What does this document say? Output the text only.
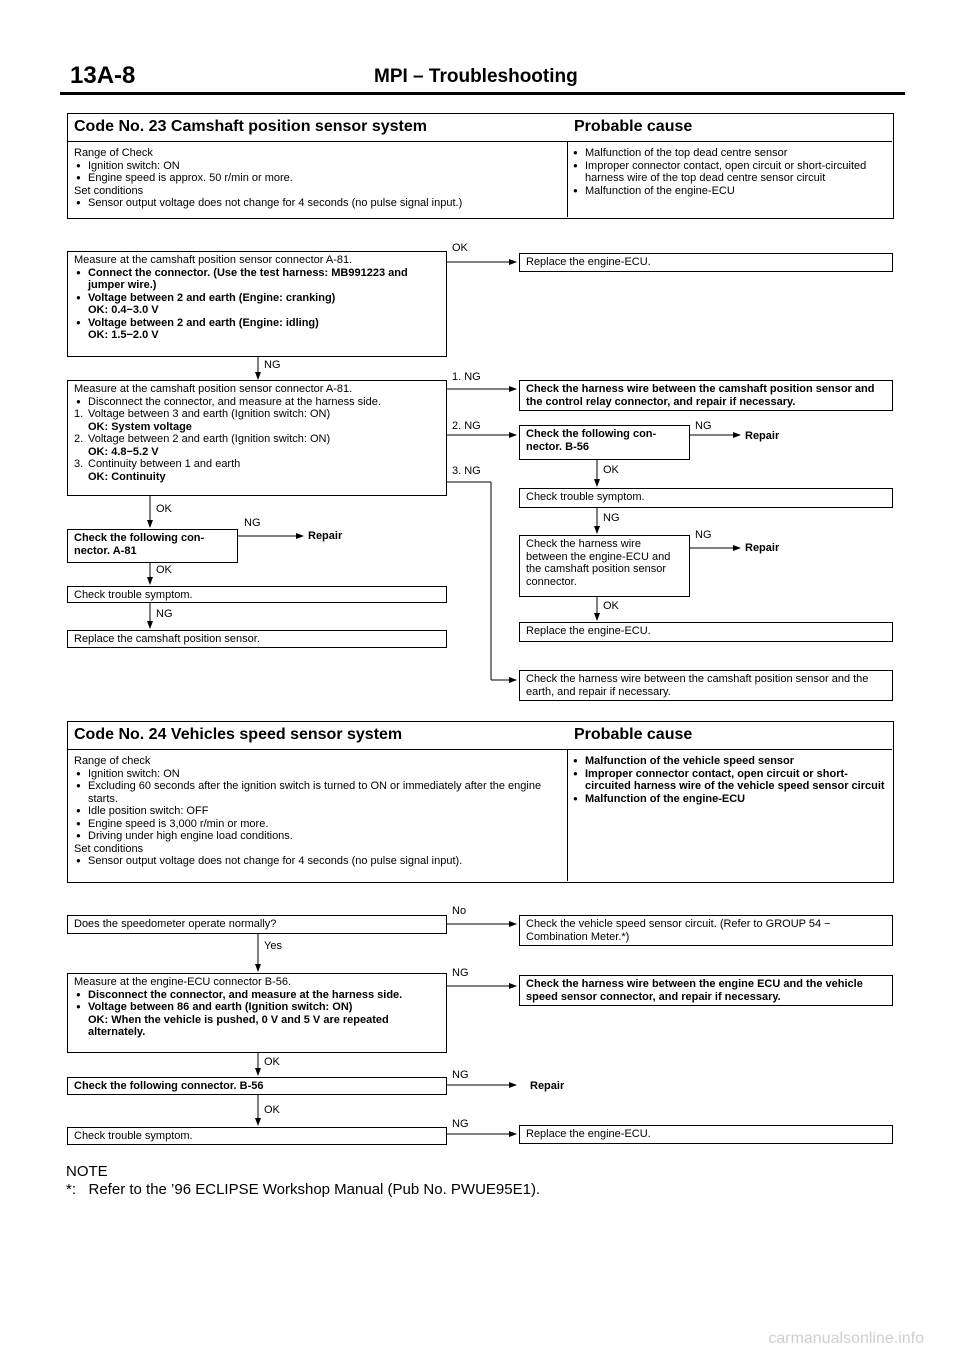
13A-8	MPI – Troubleshooting
Code No. 23 Camshaft position sensor system	Probable cause
Range of Check
● Ignition switch: ON
● Engine speed is approx. 50 r/min or more.
Set conditions
● Sensor output voltage does not change for 4 seconds (no pulse signal input.)
● Malfunction of the top dead centre sensor
● Improper connector contact, open circuit or short-circuited harness wire of the top dead centre sensor circuit
● Malfunction of the engine-ECU
Measure at the camshaft position sensor connector A-81.
● Connect the connector. (Use the test harness: MB991223 and jumper wire.)
● Voltage between 2 and earth (Engine: cranking)
OK: 0.4−3.0 V
● Voltage between 2 and earth (Engine: idling)
OK: 1.5−2.0 V
OK
Replace the engine-ECU.
NG
Measure at the camshaft position sensor connector A-81.
● Disconnect the connector, and measure at the harness side.
1. Voltage between 3 and earth (Ignition switch: ON)
OK: System voltage
2. Voltage between 2 and earth (Ignition switch: ON)
OK: 4.8−5.2 V
3. Continuity between 1 and earth
OK: Continuity
1. NG
2. NG
3. NG
Check the harness wire between the camshaft position sensor and the control relay connector, and repair if necessary.
Check the following con- nector. B-56
NG
Repair
OK
Check trouble symptom.
NG
Check the harness wire between the engine-ECU and the camshaft position sensor connector.
NG
Repair
OK
Replace the engine-ECU.
Check the harness wire between the camshaft position sensor and the earth, and repair if necessary.
OK
Check the following con- nector. A-81
NG
Repair
OK
Check trouble symptom.
NG
Replace the camshaft position sensor.
Code No. 24 Vehicles speed sensor system	Probable cause
Range of check
● Ignition switch: ON
● Excluding 60 seconds after the ignition switch is turned to ON or immediately after the engine starts.
● Idle position switch: OFF
● Engine speed is 3,000 r/min or more.
● Driving under high engine load conditions.
Set conditions
● Sensor output voltage does not change for 4 seconds (no pulse signal input).
● Malfunction of the vehicle speed sensor
● Improper connector contact, open circuit or short-circuited harness wire of the vehicle speed sensor circuit
● Malfunction of the engine-ECU
Does the speedometer operate normally?
No
Check the vehicle speed sensor circuit. (Refer to GROUP 54 − Combination Meter.*)
Yes
Measure at the engine-ECU connector B-56.
● Disconnect the connector, and measure at the harness side.
● Voltage between 86 and earth (Ignition switch: ON)
OK: When the vehicle is pushed, 0 V and 5 V are repeated alternately.
NG
Check the harness wire between the engine ECU and the vehicle speed sensor connector, and repair if necessary.
OK
Check the following connector. B-56
NG
Repair
OK
Check trouble symptom.
NG
Replace the engine-ECU.
NOTE
*:   Refer to the ’96 ECLIPSE Workshop Manual (Pub No. PWUE95E1).
carmanualsonline.info
